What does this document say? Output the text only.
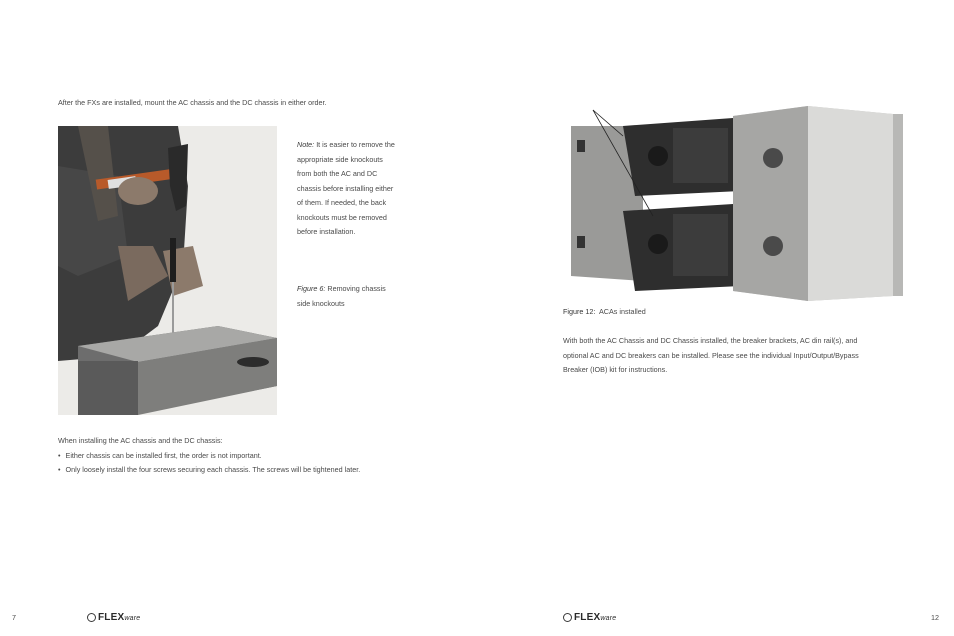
After the FXs are installed, mount the AC chassis and the DC chassis in either order.
Note: It is easier to remove the
appropriate side knockouts
from both the AC and DC
chassis before installing either
of them. If needed, the back
knockouts must be removed
before installation.
Figure 6: Removing chassis
side knockouts
When installing the AC chassis and the DC chassis:
• Either chassis can be installed first, the order is not important.
• Only loosely install the four screws securing each chassis. The screws will be tightened later.
7	FLEXware
Figure 12: ACAs installed
With both the AC Chassis and DC Chassis installed, the breaker brackets, AC din rail(s), and
optional AC and DC breakers can be installed. Please see the individual Input/Output/Bypass
Breaker (IOB) kit for instructions.
FLEXware	12
